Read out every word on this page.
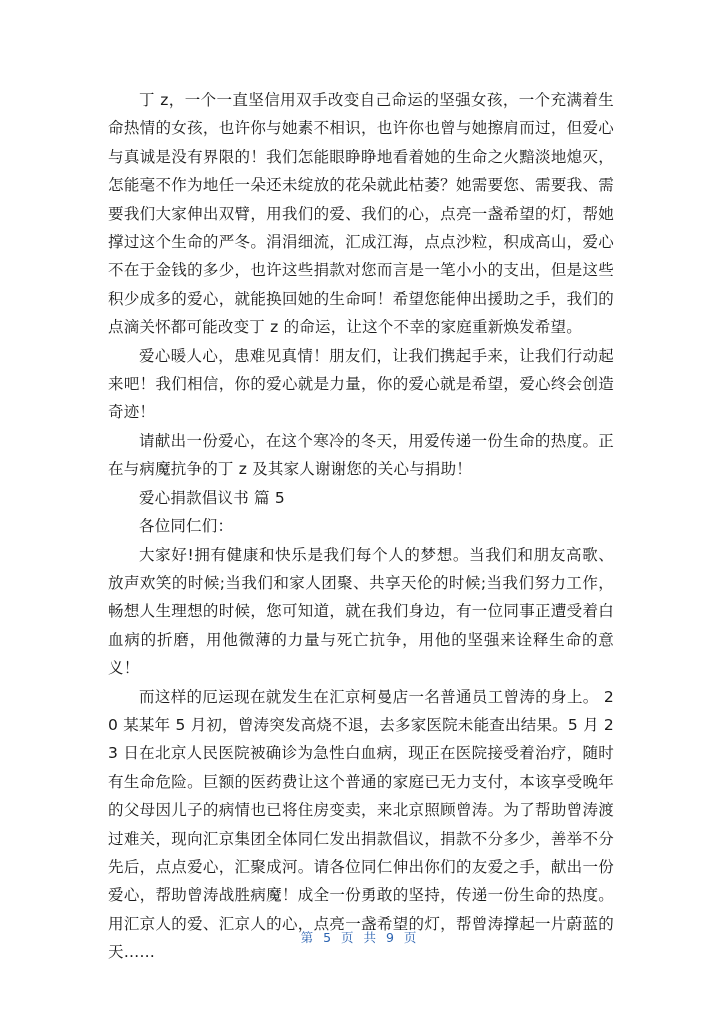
丁 z，一个一直坚信用双手改变自己命运的坚强女孩，一个充满着生命热情的女孩，也许你与她素不相识，也许你也曾与她擦肩而过，但爱心与真诚是没有界限的！我们怎能眼睁睁地看着她的生命之火黯淡地熄灭，怎能毫不作为地任一朵还未绽放的花朵就此枯萎？她需要您、需要我、需要我们大家伸出双臂，用我们的爱、我们的心，点亮一盏希望的灯，帮她撑过这个生命的严冬。涓涓细流，汇成江海，点点沙粒，积成高山，爱心不在于金钱的多少，也许这些捐款对您而言是一笔小小的支出，但是这些积少成多的爱心，就能换回她的生命呵！希望您能伸出援助之手，我们的点滴关怀都可能改变丁 z 的命运，让这个不幸的家庭重新焕发希望。

爱心暖人心，患难见真情！朋友们，让我们携起手来，让我们行动起来吧！我们相信，你的爱心就是力量，你的爱心就是希望，爱心终会创造奇迹！

请献出一份爱心，在这个寒冷的冬天，用爱传递一份生命的热度。正在与病魔抗争的丁 z 及其家人谢谢您的关心与捐助！

爱心捐款倡议书 篇 5

各位同仁们：

大家好!拥有健康和快乐是我们每个人的梦想。当我们和朋友高歌、放声欢笑的时候;当我们和家人团聚、共享天伦的时候;当我们努力工作，畅想人生理想的时候，您可知道，就在我们身边，有一位同事正遭受着白血病的折磨，用他微薄的力量与死亡抗争，用他的坚强来诠释生命的意义！

而这样的厄运现在就发生在汇京柯曼店一名普通员工曾涛的身上。 20 某某年 5 月初，曾涛突发高烧不退，去多家医院未能查出结果。5 月 23 日在北京人民医院被确诊为急性白血病，现正在医院接受着治疗，随时有生命危险。巨额的医药费让这个普通的家庭已无力支付，本该享受晚年的父母因儿子的病情也已将住房变卖，来北京照顾曾涛。为了帮助曾涛渡过难关，现向汇京集团全体同仁发出捐款倡议，捐款不分多少，善举不分先后，点点爱心，汇聚成河。请各位同仁伸出你们的友爱之手，献出一份爱心，帮助曾涛战胜病魔！成全一份勇敢的坚持，传递一份生命的热度。用汇京人的爱、汇京人的心，点亮一盏希望的灯，帮曾涛撑起一片蔚蓝的天……

第 5 页 共 9 页
